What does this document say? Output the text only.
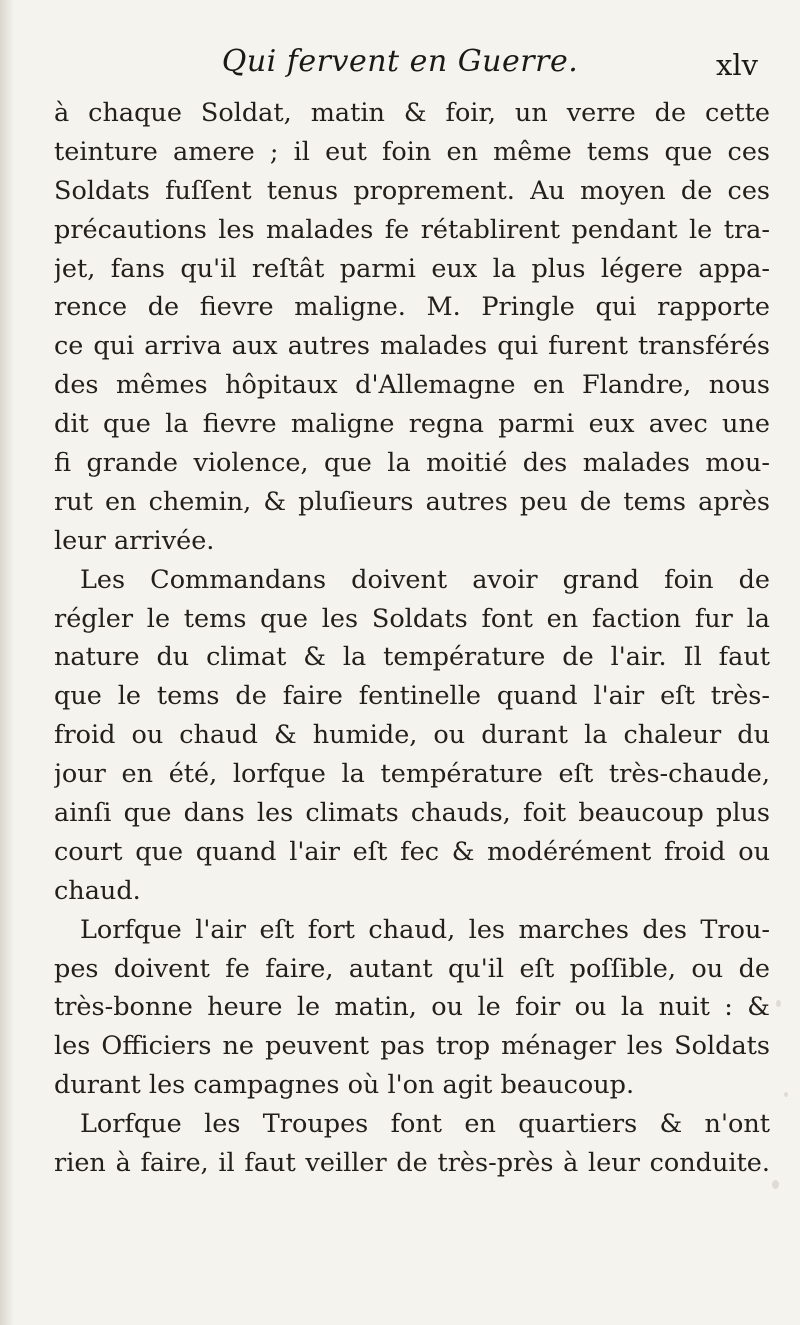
Qui fervent en Guerre.	xlv
à chaque Soldat, matin & foir, un verre de cette
teinture amere ; il eut foin en même tems que ces
Soldats fuſſent tenus proprement. Au moyen de ces
précautions les malades fe rétablirent pendant le tra-
jet, fans qu'il reſtât parmi eux la plus légere appa-
rence de fievre maligne. M. Pringle qui rapporte
ce qui arriva aux autres malades qui furent transférés
des mêmes hôpitaux d'Allemagne en Flandre, nous
dit que la fievre maligne regna parmi eux avec une
fi grande violence, que la moitié des malades mou-
rut en chemin, & pluſieurs autres peu de tems après
leur arrivée.
Les Commandans doivent avoir grand foin de
régler le tems que les Soldats font en faction fur la
nature du climat & la température de l'air. Il faut
que le tems de faire fentinelle quand l'air eſt très-
froid ou chaud & humide, ou durant la chaleur du
jour en été, lorfque la température eſt très-chaude,
ainſi que dans les climats chauds, foit beaucoup plus
court que quand l'air eſt fec & modérément froid ou
chaud.
Lorfque l'air eſt fort chaud, les marches des Trou-
pes doivent fe faire, autant qu'il eſt poſſible, ou de
très-bonne heure le matin, ou le foir ou la nuit : &
les Officiers ne peuvent pas trop ménager les Soldats
durant les campagnes où l'on agit beaucoup.
Lorfque les Troupes font en quartiers & n'ont
rien à faire, il faut veiller de très-près à leur conduite.
